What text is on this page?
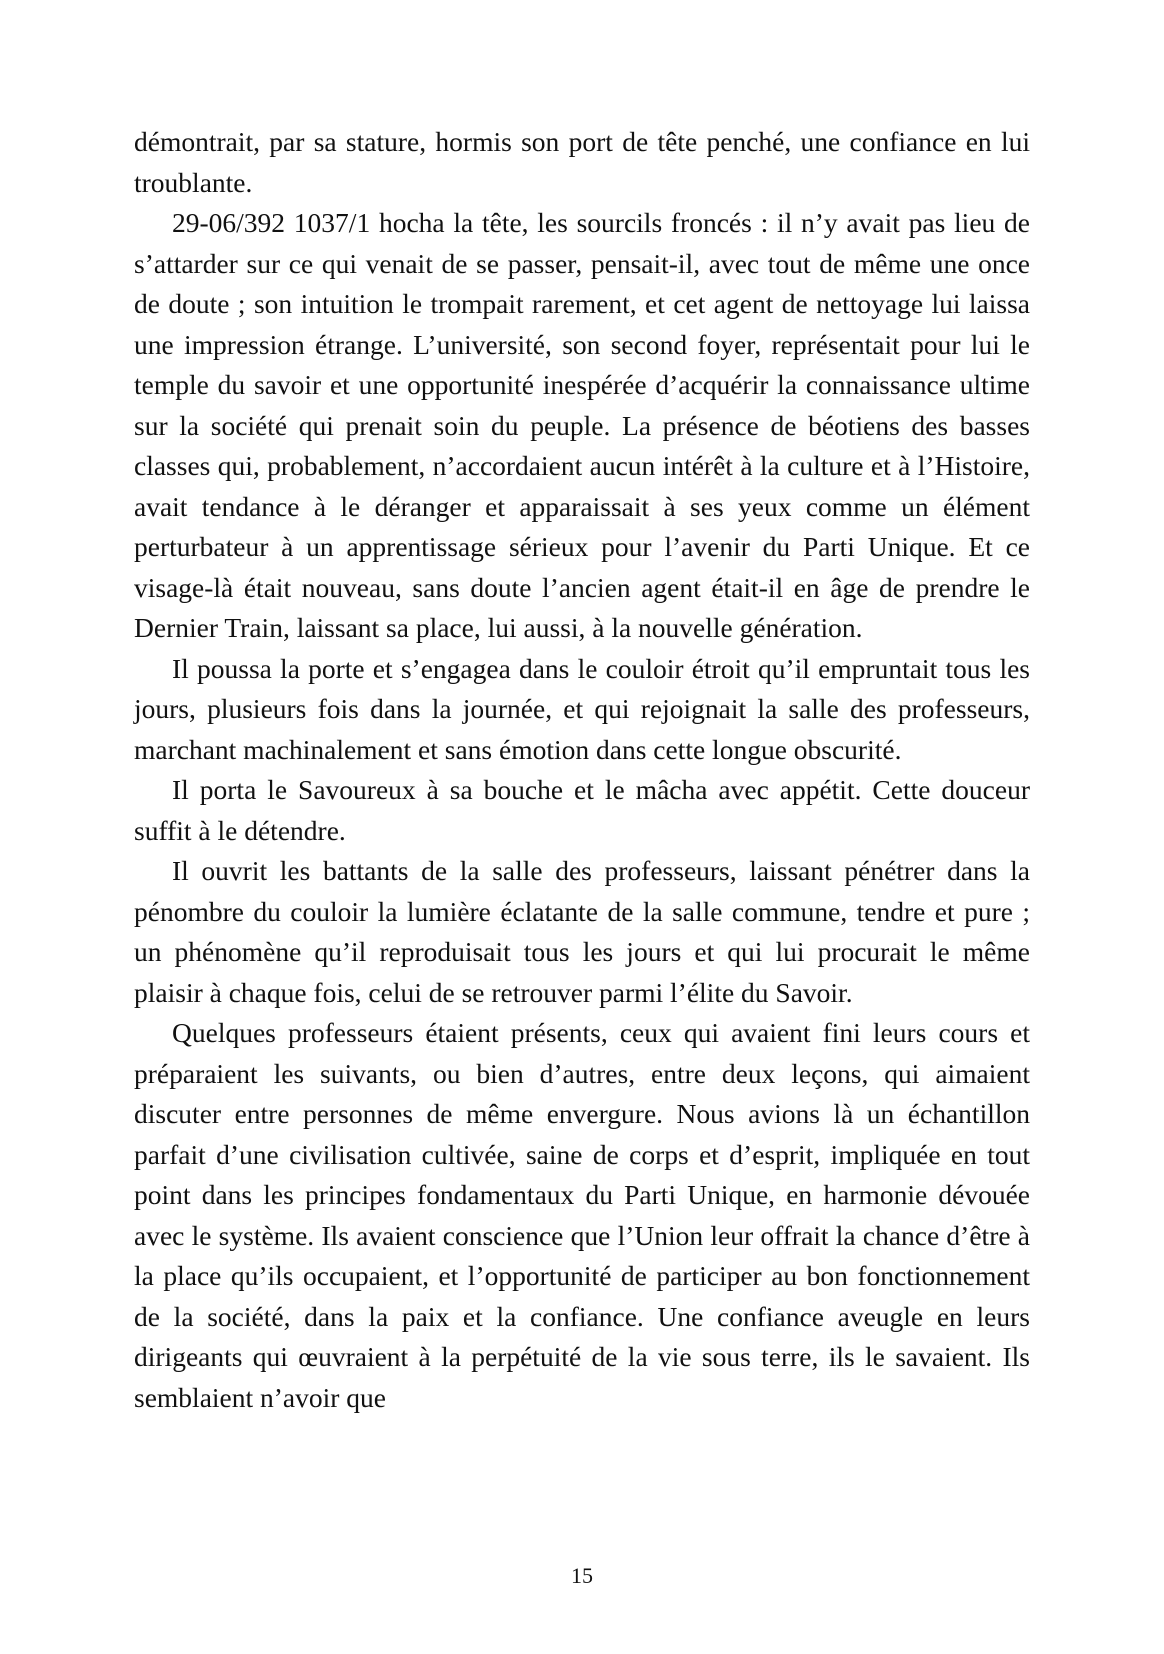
démontrait, par sa stature, hormis son port de tête penché, une confiance en lui troublante.

29-06/392 1037/1 hocha la tête, les sourcils froncés : il n’y avait pas lieu de s’attarder sur ce qui venait de se passer, pensait-il, avec tout de même une once de doute ; son intuition le trompait rarement, et cet agent de nettoyage lui laissa une impression étrange. L’université, son second foyer, représentait pour lui le temple du savoir et une opportunité inespérée d’acquérir la connaissance ultime sur la société qui prenait soin du peuple. La présence de béotiens des basses classes qui, probablement, n’accordaient aucun intérêt à la culture et à l’Histoire, avait tendance à le déranger et apparaissait à ses yeux comme un élément perturbateur à un apprentissage sérieux pour l’avenir du Parti Unique. Et ce visage-là était nouveau, sans doute l’ancien agent était-il en âge de prendre le Dernier Train, laissant sa place, lui aussi, à la nouvelle génération.

Il poussa la porte et s’engagea dans le couloir étroit qu’il empruntait tous les jours, plusieurs fois dans la journée, et qui rejoignait la salle des professeurs, marchant machinalement et sans émotion dans cette longue obscurité.

Il porta le Savoureux à sa bouche et le mâcha avec appétit. Cette douceur suffit à le détendre.

Il ouvrit les battants de la salle des professeurs, laissant pénétrer dans la pénombre du couloir la lumière éclatante de la salle commune, tendre et pure ; un phénomène qu’il reproduisait tous les jours et qui lui procurait le même plaisir à chaque fois, celui de se retrouver parmi l’élite du Savoir.

Quelques professeurs étaient présents, ceux qui avaient fini leurs cours et préparaient les suivants, ou bien d’autres, entre deux leçons, qui aimaient discuter entre personnes de même envergure. Nous avions là un échantillon parfait d’une civilisation cultivée, saine de corps et d’esprit, impliquée en tout point dans les principes fondamentaux du Parti Unique, en harmonie dévouée avec le système. Ils avaient conscience que l’Union leur offrait la chance d’être à la place qu’ils occupaient, et l’opportunité de participer au bon fonctionnement de la société, dans la paix et la confiance. Une confiance aveugle en leurs dirigeants qui œuvraient à la perpétuité de la vie sous terre, ils le savaient. Ils semblaient n’avoir que

15
